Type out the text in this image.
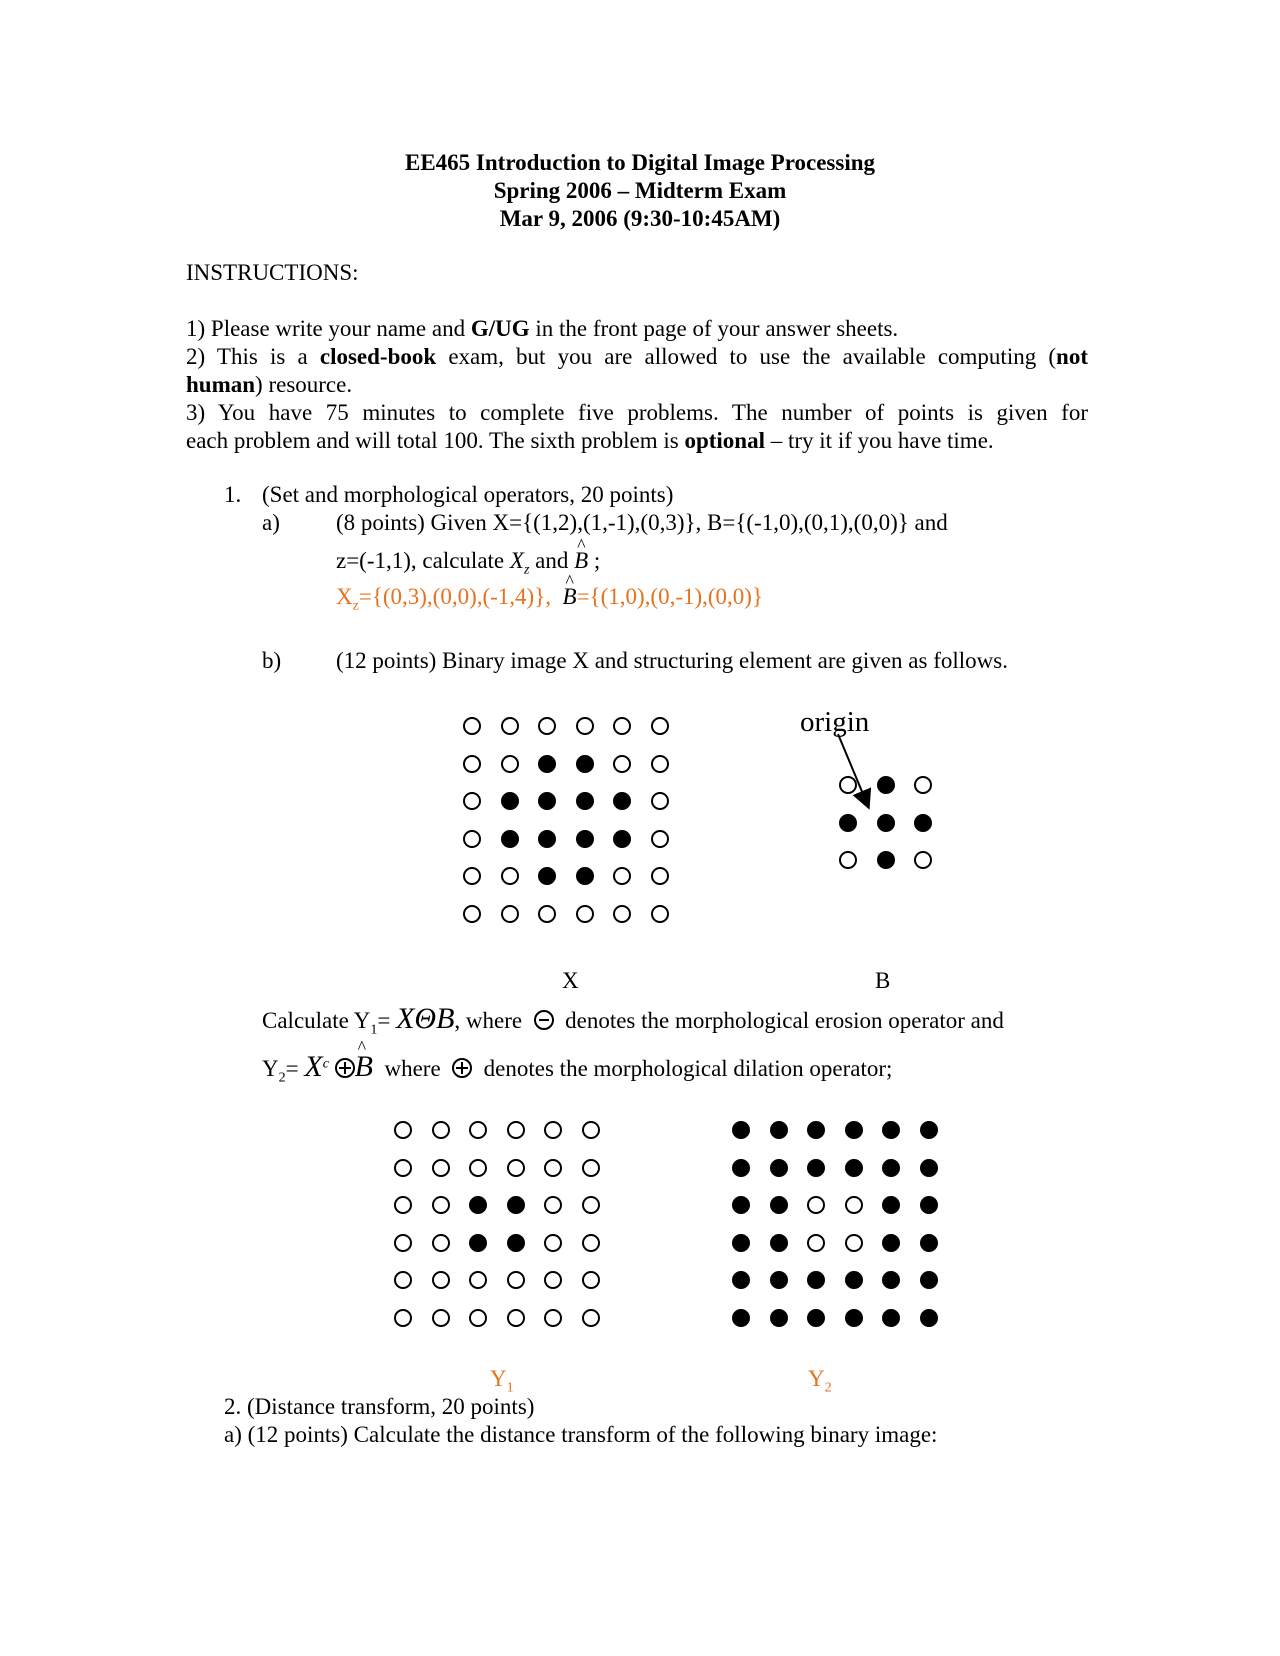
EE465 Introduction to Digital Image Processing
Spring 2006 – Midterm Exam
Mar 9, 2006 (9:30-10:45AM)
INSTRUCTIONS:
1) Please write your name and G/UG in the front page of your answer sheets.
2) This is a closed-book exam, but you are allowed to use the available computing (not
human) resource.
3) You have 75 minutes to complete five problems. The number of points is given for
each problem and will total 100. The sixth problem is optional – try it if you have time.
1. (Set and morphological operators, 20 points)
a) (8 points) Given X={(1,2),(1,-1),(0,3)}, B={(-1,0),(0,1),(0,0)} and
z=(-1,1), calculate $X_z$ and ^ B ;
$X_z=\{(0,3),(0,0),(-1,4)\}$, ^ B={(1,0),(0,-1),(0,0)}
b) (12 points) Binary image X and structuring element are given as follows.
origin
X	B
Calculate $Y_1= X\Theta B$, where denotes the morphological erosion operator and
$Y_2= X^c$ ^ B where denotes the morphological dilation operator;
$Y_1$	$Y_2$
2. (Distance transform, 20 points)
a) (12 points) Calculate the distance transform of the following binary image:
